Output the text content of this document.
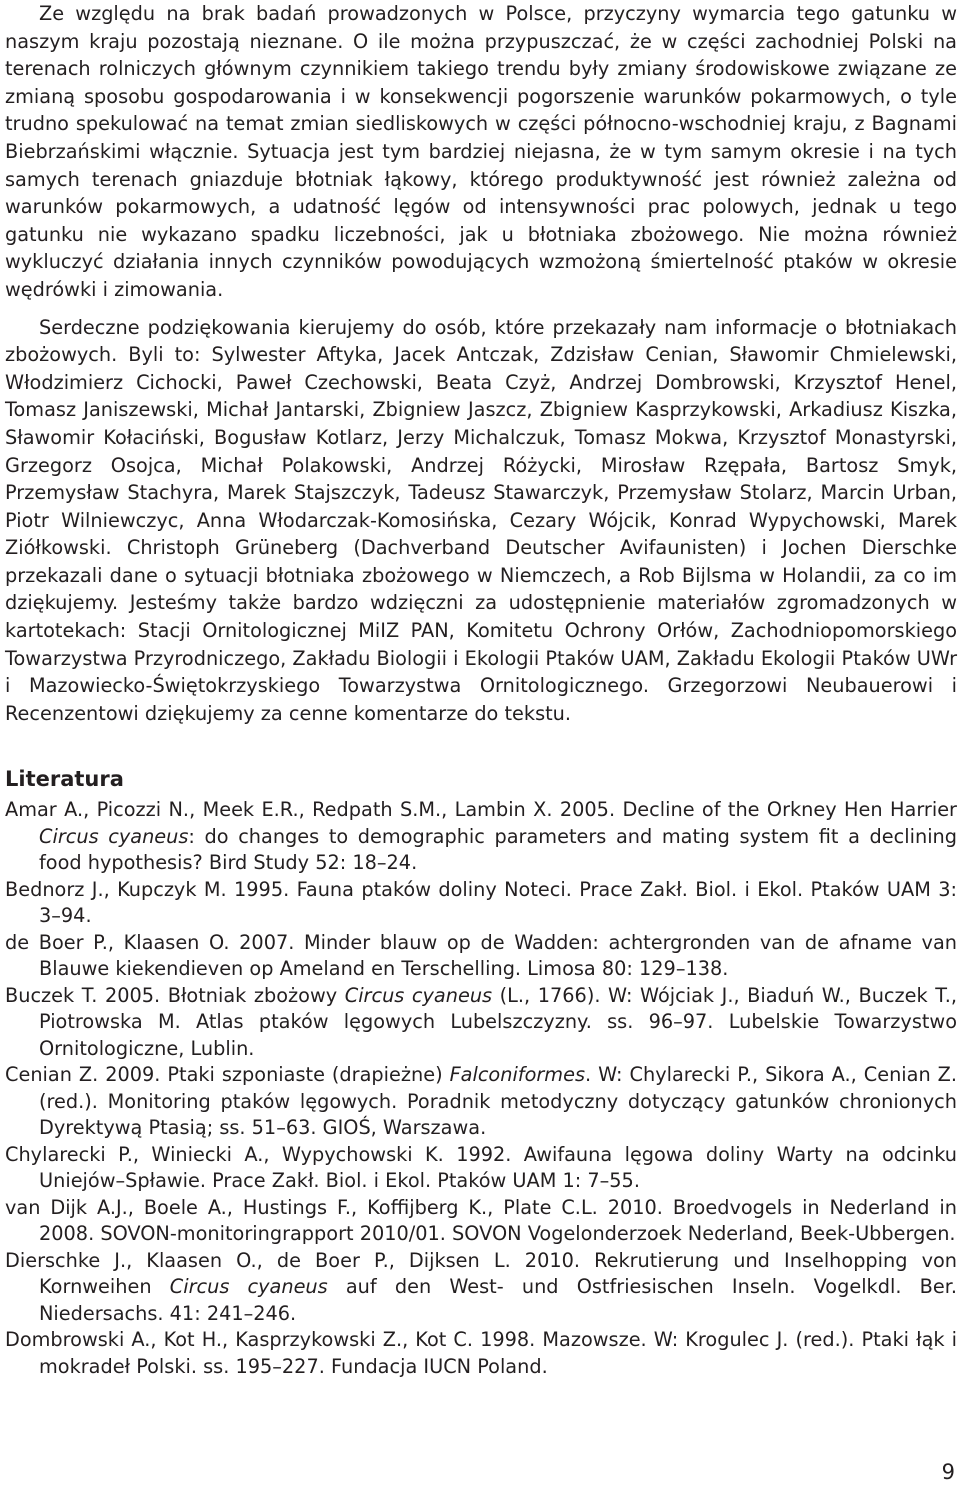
Ze względu na brak badań prowadzonych w Polsce, przyczyny wymarcia tego gatunku w naszym kraju pozostają nieznane. O ile można przypuszczać, że w części zachodniej Polski na terenach rolniczych głównym czynnikiem takiego trendu były zmiany środowiskowe związane ze zmianą sposobu gospodarowania i w konsekwencji pogorszenie warunków pokarmowych, o tyle trudno spekulować na temat zmian siedliskowych w części północno-wschodniej kraju, z Bagnami Biebrzańskimi włącznie. Sytuacja jest tym bardziej niejasna, że w tym samym okresie i na tych samych terenach gniazduje błotniak łąkowy, którego produktywność jest również zależna od warunków pokarmowych, a udatność lęgów od intensywności prac polowych, jednak u tego gatunku nie wykazano spadku liczebności, jak u błotniaka zbożowego. Nie można również wykluczyć działania innych czynników powodujących wzmożoną śmiertelność ptaków w okresie wędrówki i zimowania.

Serdeczne podziękowania kierujemy do osób, które przekazały nam informacje o błotniakach zbożowych. Byli to: Sylwester Aftyka, Jacek Antczak, Zdzisław Cenian, Sławomir Chmielewski, Włodzimierz Cichocki, Paweł Czechowski, Beata Czyż, Andrzej Dombrowski, Krzysztof Henel, Tomasz Janiszewski, Michał Jantarski, Zbigniew Jaszcz, Zbigniew Kasprzykowski, Arkadiusz Kiszka, Sławomir Kołaciński, Bogusław Kotlarz, Jerzy Michalczuk, Tomasz Mokwa, Krzysztof Monastyrski, Grzegorz Osojca, Michał Polakowski, Andrzej Różycki, Mirosław Rzępała, Bartosz Smyk, Przemysław Stachyra, Marek Stajszczyk, Tadeusz Stawarczyk, Przemysław Stolarz, Marcin Urban, Piotr Wilniewczyc, Anna Włodarczak-Komosińska, Cezary Wójcik, Konrad Wypychowski, Marek Ziółkowski. Christoph Grüneberg (Dachverband Deutscher Avifaunisten) i Jochen Dierschke przekazali dane o sytuacji błotniaka zbożowego w Niemczech, a Rob Bijlsma w Holandii, za co im dziękujemy. Jesteśmy także bardzo wdzięczni za udostępnienie materiałów zgromadzonych w kartotekach: Stacji Ornitologicznej MiIZ PAN, Komitetu Ochrony Orłów, Zachodniopomorskiego Towarzystwa Przyrodniczego, Zakładu Biologii i Ekologii Ptaków UAM, Zakładu Ekologii Ptaków UWr i Mazowiecko-Świętokrzyskiego Towarzystwa Ornitologicznego. Grzegorzowi Neubauerowi i Recenzentowi dziękujemy za cenne komentarze do tekstu.

Literatura

Amar A., Picozzi N., Meek E.R., Redpath S.M., Lambin X. 2005. Decline of the Orkney Hen Harrier Circus cyaneus: do changes to demographic parameters and mating system fit a declining food hypothesis? Bird Study 52: 18–24.

Bednorz J., Kupczyk M. 1995. Fauna ptaków doliny Noteci. Prace Zakł. Biol. i Ekol. Ptaków UAM 3: 3–94.

de Boer P., Klaasen O. 2007. Minder blauw op de Wadden: achtergronden van de afname van Blauwe kiekendieven op Ameland en Terschelling. Limosa 80: 129–138.

Buczek T. 2005. Błotniak zbożowy Circus cyaneus (L., 1766). W: Wójciak J., Biaduń W., Buczek T., Piotrowska M. Atlas ptaków lęgowych Lubelszczyzny. ss. 96–97. Lubelskie Towarzystwo Ornitologiczne, Lublin.

Cenian Z. 2009. Ptaki szponiaste (drapieżne) Falconiformes. W: Chylarecki P., Sikora A., Cenian Z. (red.). Monitoring ptaków lęgowych. Poradnik metodyczny dotyczący gatunków chronionych Dyrektywą Ptasią; ss. 51–63. GIOŚ, Warszawa.

Chylarecki P., Winiecki A., Wypychowski K. 1992. Awifauna lęgowa doliny Warty na odcinku Uniejów–Spławie. Prace Zakł. Biol. i Ekol. Ptaków UAM 1: 7–55.

van Dijk A.J., Boele A., Hustings F., Koffijberg K., Plate C.L. 2010. Broedvogels in Nederland in 2008. SOVON-monitoringrapport 2010/01. SOVON Vogelonderzoek Nederland, Beek-Ubbergen.

Dierschke J., Klaasen O., de Boer P., Dijksen L. 2010. Rekrutierung und Inselhopping von Kornweihen Circus cyaneus auf den West- und Ostfriesischen Inseln. Vogelkdl. Ber. Niedersachs. 41: 241–246.

Dombrowski A., Kot H., Kasprzykowski Z., Kot C. 1998. Mazowsze. W: Krogulec J. (red.). Ptaki łąk i mokradeł Polski. ss. 195–227. Fundacja IUCN Poland.

9
